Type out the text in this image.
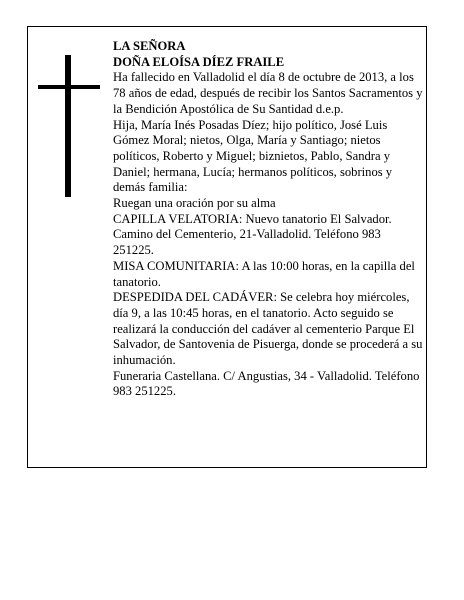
LA SEÑORA

DOÑA ELOÍSA DÍEZ FRAILE

Ha fallecido en Valladolid el día 8 de octubre de 2013, a los 78 años de edad, después de recibir los Santos Sacramentos y la Bendición Apostólica de Su Santidad d.e.p.

Hija, María Inés Posadas Díez; hijo político, José Luis Gómez Moral; nietos, Olga, María y Santiago; nietos políticos, Roberto y Miguel; biznietos, Pablo, Sandra y Daniel; hermana, Lucía; hermanos políticos, sobrinos y demás familia:

Ruegan una oración por su alma

CAPILLA VELATORIA: Nuevo tanatorio El Salvador. Camino del Cementerio, 21-Valladolid. Teléfono 983 251225.

MISA COMUNITARIA: A las 10:00 horas, en la capilla del tanatorio.

DESPEDIDA DEL CADÁVER: Se celebra hoy miércoles, día 9, a las 10:45 horas, en el tanatorio. Acto seguido se realizará la conducción del cadáver al cementerio Parque El Salvador, de Santovenia de Pisuerga, donde se procederá a su inhumación.

Funeraria Castellana. C/ Angustias, 34 - Valladolid. Teléfono 983 251225.
